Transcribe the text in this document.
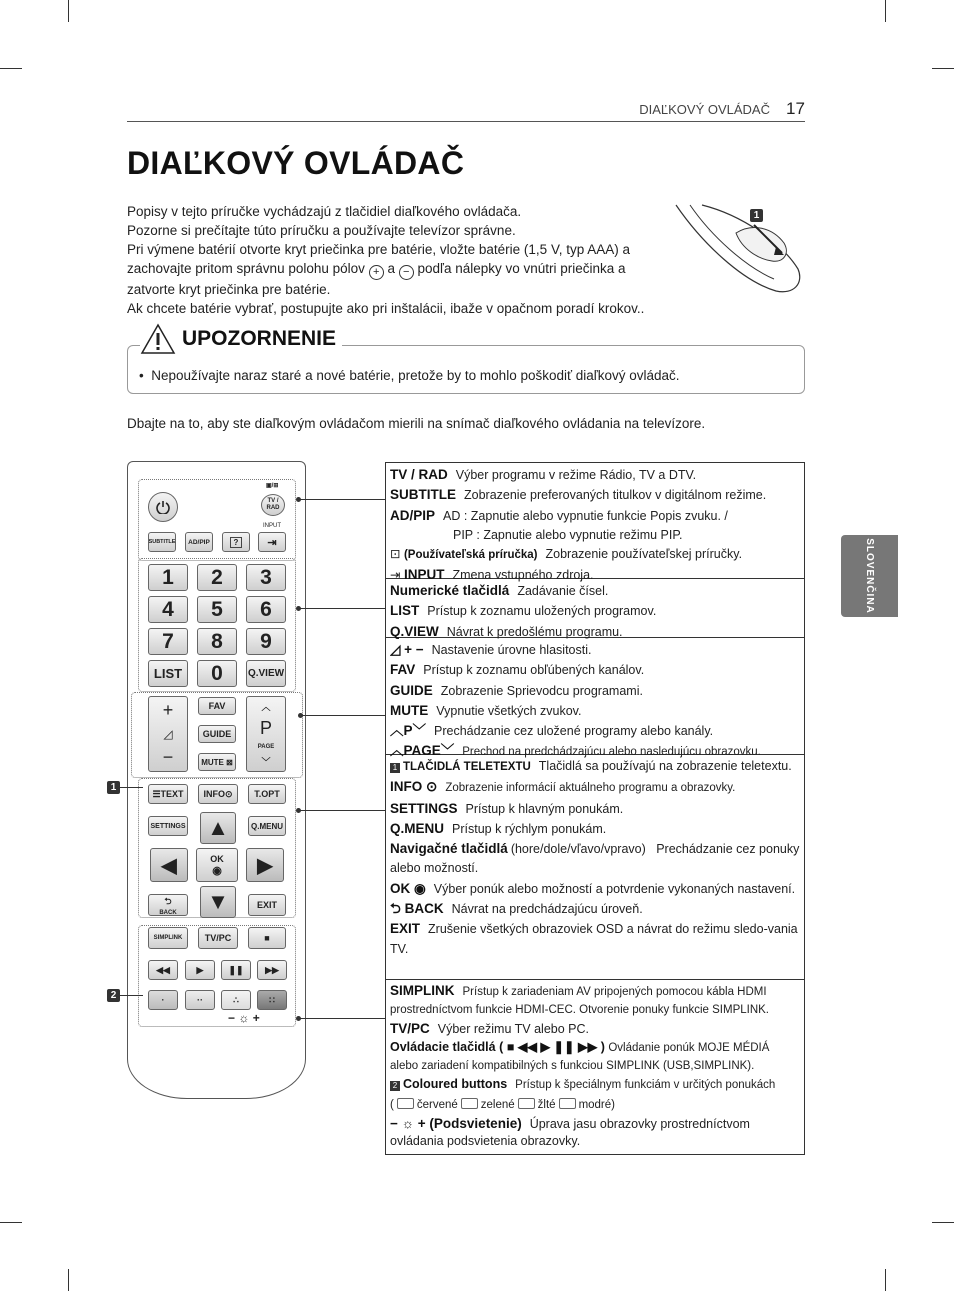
DIAĽKOVÝ OVLÁDAČ 17
DIAĽKOVÝ OVLÁDAČ
Popisy v tejto príručke vychádzajú z tlačidiel diaľkového ovládača.
Pozorne si prečítajte túto príručku a používajte televízor správne.
Pri výmene batérií otvorte kryt priečinka pre batérie, vložte batérie (1,5 V, typ AAA) a
zachovajte pritom správnu polohu pólov + a − podľa nálepky vo vnútri priečinka a
zatvorte kryt priečinka pre batérie.
Ak chcete batérie vybrať, postupujte ako pri inštalácii, ibaže v opačnom poradí krokov..
1
UPOZORNENIE
•  Nepoužívajte naraz staré a nové batérie, pretože by to mohlo poškodiť diaľkový ovládač.
Dbajte na to, aby ste diaľkovým ovládačom mierili na snímač diaľkového ovládania na televízore.
SLOVENČINA
▣/⊞
TV / RAD
INPUT
SUBTITLE	AD/PIP	?	⇥
1	2	3
4	5	6
7	8	9
LIST	0	Q.VIEW
+
◿
−
FAV
GUIDE
MUTE ⊠
︿
P
PAGE
﹀
☰ TEXT INFO ⊙	T.OPT
SETTINGS	Q.MENU
▲
◀	OK
◉ ▶
▼
⮌
BACK
EXIT
SIMPLINK	TV/PC	■
◀◀	▶	❚❚ ▶▶
·	··	∴	∷
− ☼ +
1
2
TV / RAD Výber programu v režime Rádio, TV a DTV.
SUBTITLE Zobrazenie preferovaných titulkov v digitálnom režime.
AD/PIP AD : Zapnutie alebo vypnutie funkcie Popis zvuku. /
PIP : Zapnutie alebo vypnutie režimu PIP.
⊡ (Používateľská príručka) Zobrazenie používateľskej príručky.
⇥ INPUT Zmena vstupného zdroja.
Numerické tlačidlá Zadávanie čísel.
LIST Prístup k zoznamu uložených programov.
Q.VIEW Návrat k predošlému programu.
◿ + − Nastavenie úrovne hlasitosti.
FAV Prístup k zoznamu obľúbených kanálov.
GUIDE Zobrazenie Sprievodcu programami.
MUTE Vypnutie všetkých zvukov.
︿P﹀ Prechádzanie cez uložené programy alebo kanály.
︿PAGE﹀ Prechod na predchádzajúcu alebo nasledujúcu obrazovku.
1 TLAČIDLÁ TELETEXTU Tlačidlá sa používajú na zobrazenie teletextu.
INFO ⊙ Zobrazenie informácií aktuálneho programu a obrazovky.
SETTINGS Prístup k hlavným ponukám.
Q.MENU Prístup k rýchlym ponukám.
Navigačné tlačidlá (hore/dole/vľavo/vpravo) Prechádzanie cez ponuky alebo možností.
OK ◉ Výber ponúk alebo možností a potvrdenie vykonaných nastavení.
⮌ BACK Návrat na predchádzajúcu úroveň.
EXIT Zrušenie všetkých obrazoviek OSD a návrat do režimu sledo-vania TV.
SIMPLINK Prístup k zariadeniam AV pripojených pomocou kábla HDMI prostredníctvom funkcie HDMI-CEC. Otvorenie ponuky funkcie SIMPLINK.
TV/PC Výber režimu TV alebo PC.
Ovládacie tlačidlá ( ■ ◀◀ ▶ ❚❚ ▶▶ ) Ovládanie ponúk MOJE MÉDIÁ alebo zariadení kompatibilných s funkciou SIMPLINK (USB,SIMPLINK).
2 Coloured buttons Prístup k špeciálnym funkciám v určitých ponukách
( červené zelené žlté modré)
− ☼ + (Podsvietenie) Úprava jasu obrazovky prostredníctvom ovládania podsvietenia obrazovky.
